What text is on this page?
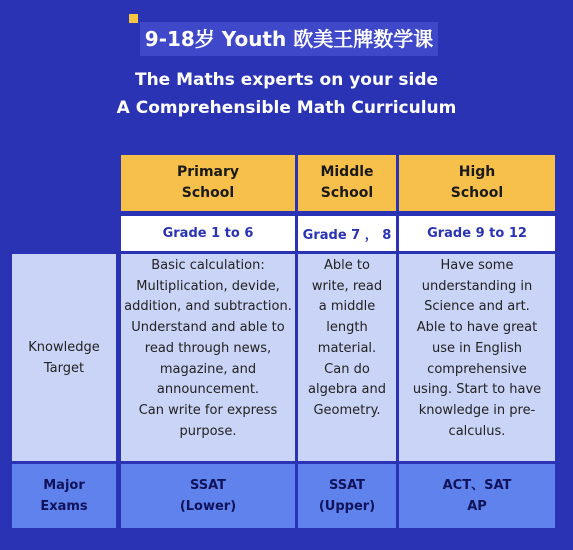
9-18岁 Youth 欧美王牌数学课
The Maths experts on your side
A Comprehensible Math Curriculum
Primary
School
Middle
School
High
School
Grade 1 to 6	Grade 7 ， 8	Grade 9 to 12
Knowledge
Target
Basic calculation:
Multiplication, devide,
addition, and subtraction.
Understand and able to
read through news,
magazine, and
announcement.
Can write for express
purpose.
Able to
write, read
a middle
length
material.
Can do
algebra and
Geometry.
Have some
understanding in
Science and art.
Able to have great
use in English
comprehensive
using. Start to have
knowledge in pre-
calculus.
Major
Exams
SSAT
(Lower)
SSAT
(Upper)
ACT、SAT
AP
